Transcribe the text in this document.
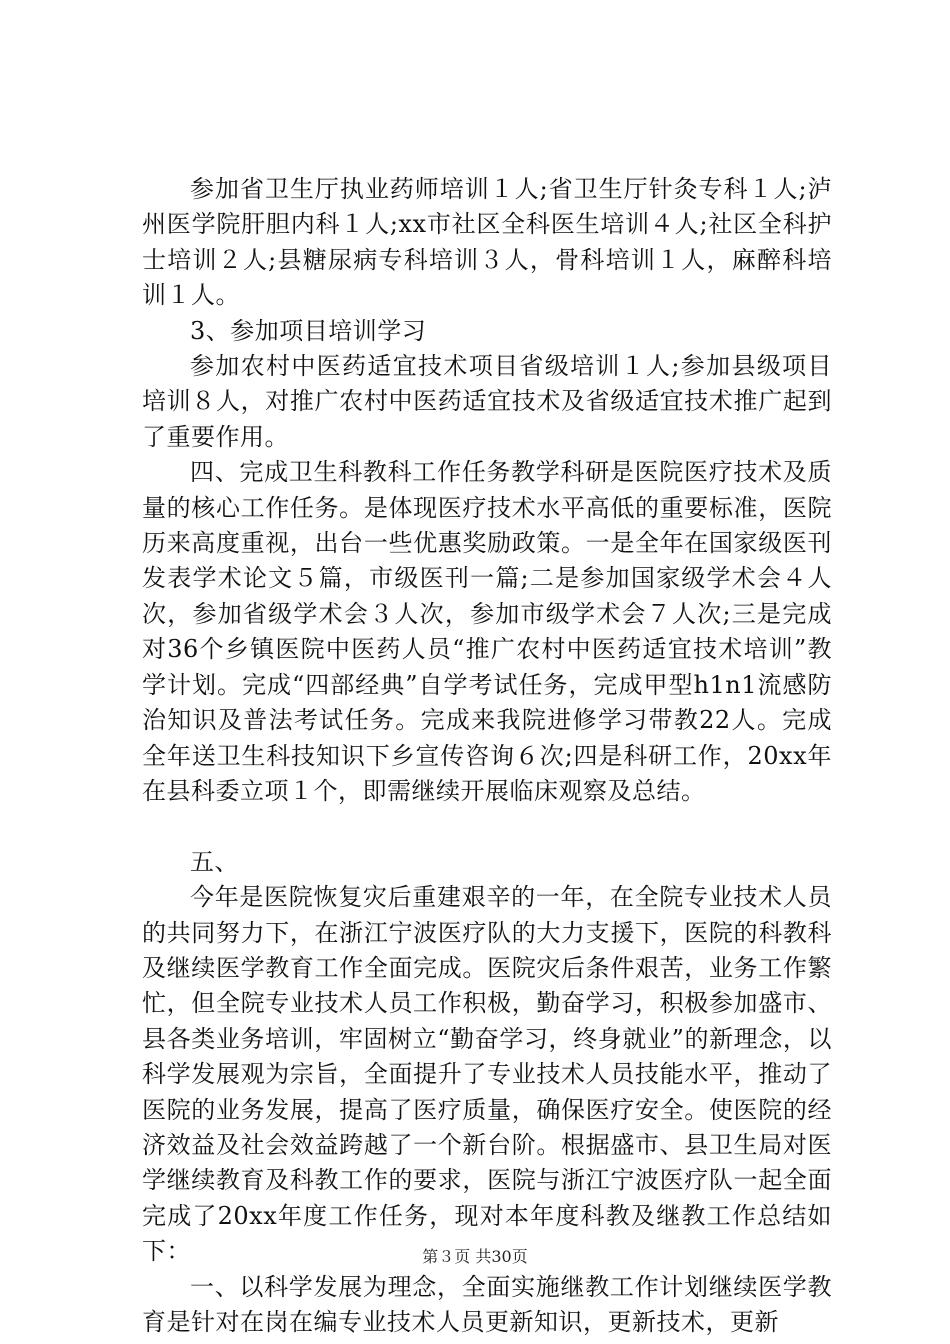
参加省卫生厅执业药师培训１人;省卫生厅针灸专科１人;泸州医学院肝胆内科１人;xx市社区全科医生培训４人;社区全科护士培训２人;县糖尿病专科培训３人，骨科培训１人，麻醉科培训１人。

3、参加项目培训学习

参加农村中医药适宜技术项目省级培训１人;参加县级项目培训８人，对推广农村中医药适宜技术及省级适宜技术推广起到了重要作用。

四、完成卫生科教科工作任务教学科研是医院医疗技术及质量的核心工作任务。是体现医疗技术水平高低的重要标准，医院历来高度重视，出台一些优惠奖励政策。一是全年在国家级医刊发表学术论文５篇，市级医刊一篇;二是参加国家级学术会４人次，参加省级学术会３人次，参加市级学术会７人次;三是完成对36个乡镇医院中医药人员“推广农村中医药适宜技术培训”教学计划。完成“四部经典”自学考试任务，完成甲型h1n1流感防治知识及普法考试任务。完成来我院进修学习带教22人。完成全年送卫生科技知识下乡宣传咨询６次;四是科研工作，20xx年在县科委立项１个，即需继续开展临床观察及总结。

五、

今年是医院恢复灾后重建艰辛的一年，在全院专业技术人员的共同努力下，在浙江宁波医疗队的大力支援下，医院的科教科及继续医学教育工作全面完成。医院灾后条件艰苦，业务工作繁忙，但全院专业技术人员工作积极，勤奋学习，积极参加盛市、县各类业务培训，牢固树立“勤奋学习，终身就业”的新理念，以科学发展观为宗旨，全面提升了专业技术人员技能水平，推动了医院的业务发展，提高了医疗质量，确保医疗安全。使医院的经济效益及社会效益跨越了一个新台阶。根据盛市、县卫生局对医学继续教育及科教工作的要求，医院与浙江宁波医疗队一起全面完成了20xx年度工作任务，现对本年度科教及继教工作总结如下：

一、以科学发展为理念，全面实施继教工作计划继续医学教育是针对在岗在编专业技术人员更新知识，更新技术，更新

第３页 共30页
